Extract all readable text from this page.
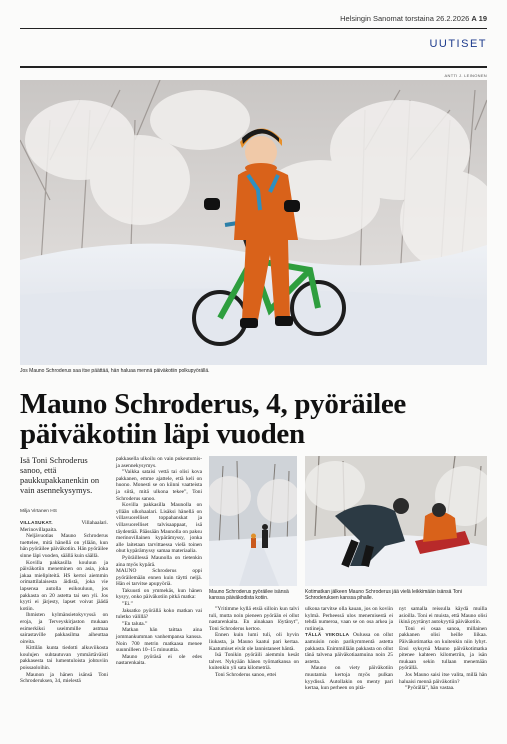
Helsingin Sanomat torstaina 26.2.2026 A 19
UUTISET
ANTTI J. LEINONEN
Jos Mauno Schroderus saa itse päättää, hän haluaa mennä päiväkotiin polkupyörällä.
Mauno Schroderus, 4, pyöräilee
päiväkotiin läpi vuoden
Isä Toni Schroderus sanoo, että paukkupakkanenkin on vain asennekysymys.
Milja Virtanen HS

VILLASUKAT.	Villahaalari. Merinovillapaita.

Neljävuotias Mauno Schroderus tuettelee, mitä hänellä on yllään, kun hän pyöräilee päiväkotiin. Hän pyöräilee sinne läpi vuoden, säällä kuin säällä.

Kovilla pakkasilla kouluun ja päiväkotiin meneminen on asia, joka jakaa mielipiteitä. HS kertoi aiemmin orimattilalaisesta äidistä, joka vie lapsensa autolla esikouluun, jos pakkasta on 20 astetta tai sen yli. Jos kyyti ei järjesty, lapset voivat jäädä kotiin.

Ihmisten kylmänsietokyvyssä on eroja, ja Terveyskirjaston mukaan esimerkiksi useimmille astmaa sairastaville pakkasilma aiheuttaa oireita.

Kittilän kunta tiedotti alkuviikosta koulujen suhtautuvan ymmärtäväisti pakkasesta tai lumentuloista johtuviin poissaoloihin.

Maunon ja hänen isänsä Toni Schroderuksen, 34, mielestä

pakkasella ulkoilu on vain pukeutumis- ja asennekysymys.

”Vaikka sataisi vettä tai olisi kova pakkanen, emme ajattele, että keli on huono. Monesti se on kiinni vaatteista ja siitä, mitä ulkona tekee”, Toni Schroderus sanoo.

Kovilla pakkasilla Maunolla on yllään ulkohaalari. Lisäksi hänellä on villavuorelliset toppahanskat ja villavuorelliset talvisaappaat, isä täydentää. Päässään Maunolla on paksu merinovillainen kypärämyssy, jonka alle laitetaan tarvittaessa vielä toinen ohut kypärämyssy samaa materiaalia.

Pyöräillessä Maunolla on tietenkin aina myös kypärä.

MAUNO Schroderus oppi pyöräilemään ennen kuin täytti neljä. Hän ei tarvitse apupyöriä.

Takuusti on ymmekäs, kun hänen kysyy, onko päiväkotiin pitkä matka:

”Ei.”

Jaksatko pyörällä koko matkan vai tuletko välillä?

”En taluta.”

Matkan hän taittaa aina jommankumman vanhempansa kanssa. Noin 700 metrin matkaasa menee suunnilleen 10–15 minuuttia.

Mauno pyöräsä ei ole edes nastarenkaita.

Mauno Schroderus pyöräilee isänsä kanssa päiväkodista kotiin.
Kotimatkan jälkeen Mauno Schroderus jää vielä leikkimään isänsä Toni Schroderuksen kanssa pihalle.

”Yritimme kyllä etsiä silloin kun talvi tuli, mutta noin pieneen pyörään ei ollut nastarenkaita. En ainakaan löytänyt”, Toni Schroderus kertoo.

Ennen kuin lumi tuli, oli hyvin liukasta, ja Mauno kaatui pari kertaa. Kaatumiset eivät ole lannistaneet häntä.

Isä Tonikin pyöräili aiemmin kesät talvet. Nykyään hänen työmatkansa on kuitenkin yli sata kilometriä.

Toni Schroderus sanoo, ettei

ulkona tarvitse olla kauan, jos on koviin kylmä. Perheessä ulos menemisestä ei tehdä numeroa, vaan se on osa arkea ja rutiineja.

TÄLLÄ VIIKOLLA Oulussa on ollut aamuisin noin parikymmentä astetta pakkasta. Enimmillään pakkasta on ollut tänä talvena päiväkotiaamuina noin 25 astetta.

Mauno on viety päiväkotiin muutamia kertoja myös pulkan kyydissä. Autollakin on menty pari kertaa, kun perheen on pitä-

nyt samalla reissulla käydä muilla asioilla. Toni ei muista, että Mauno olisi ikinä pyytänyt autokyytiä päiväkotiin.

Toni ei osaa sanoa, millainen pakkanen olisi heille liikaa. Päiväkotimatka on kuitenkin niin lyhyt. Ensi syksynä Mauno päiväkotimatka pitenee kahteen kilometriin, ja isän mukaan sekin tullaan menemään pyörällä.

Jos Mauno saisi itse valita, millä hän haluaisi mennä päiväkotiin?

”Pyörällä”, hän vastaa.
